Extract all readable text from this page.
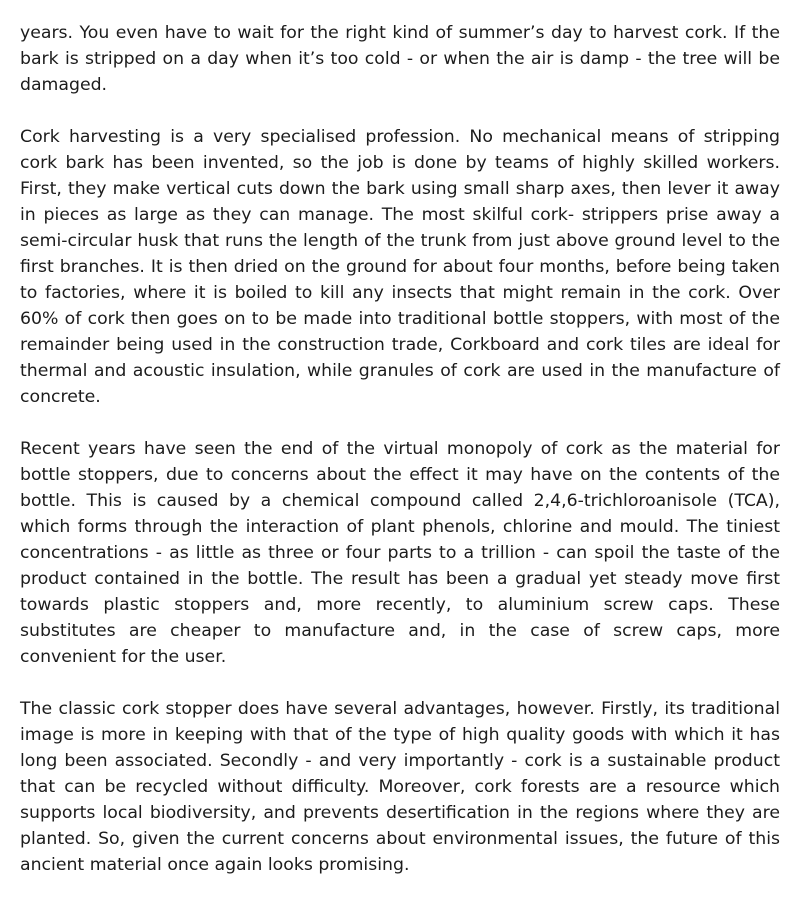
years. You even have to wait for the right kind of summer’s day to harvest cork. If the bark is stripped on a day when it’s too cold - or when the air is damp - the tree will be damaged.

Cork harvesting is a very specialised profession. No mechanical means of stripping cork bark has been invented, so the job is done by teams of highly skilled workers. First, they make vertical cuts down the bark using small sharp axes, then lever it away in pieces as large as they can manage. The most skilful cork- strippers prise away a semi-circular husk that runs the length of the trunk from just above ground level to the first branches. It is then dried on the ground for about four months, before being taken to factories, where it is boiled to kill any insects that might remain in the cork. Over 60% of cork then goes on to be made into traditional bottle stoppers, with most of the remainder being used in the construction trade, Corkboard and cork tiles are ideal for thermal and acoustic insulation, while granules of cork are used in the manufacture of concrete.

Recent years have seen the end of the virtual monopoly of cork as the material for bottle stoppers, due to concerns about the effect it may have on the contents of the bottle. This is caused by a chemical compound called 2,4,6-trichloroanisole (TCA), which forms through the interaction of plant phenols, chlorine and mould. The tiniest concentrations - as little as three or four parts to a trillion - can spoil the taste of the product contained in the bottle. The result has been a gradual yet steady move first towards plastic stoppers and, more recently, to aluminium screw caps. These substitutes are cheaper to manufacture and, in the case of screw caps, more convenient for the user.

The classic cork stopper does have several advantages, however. Firstly, its traditional image is more in keeping with that of the type of high quality goods with which it has long been associated. Secondly - and very importantly - cork is a sustainable product that can be recycled without difficulty. Moreover, cork forests are a resource which supports local biodiversity, and prevents desertification in the regions where they are planted. So, given the current concerns about environmental issues, the future of this ancient material once again looks promising.
